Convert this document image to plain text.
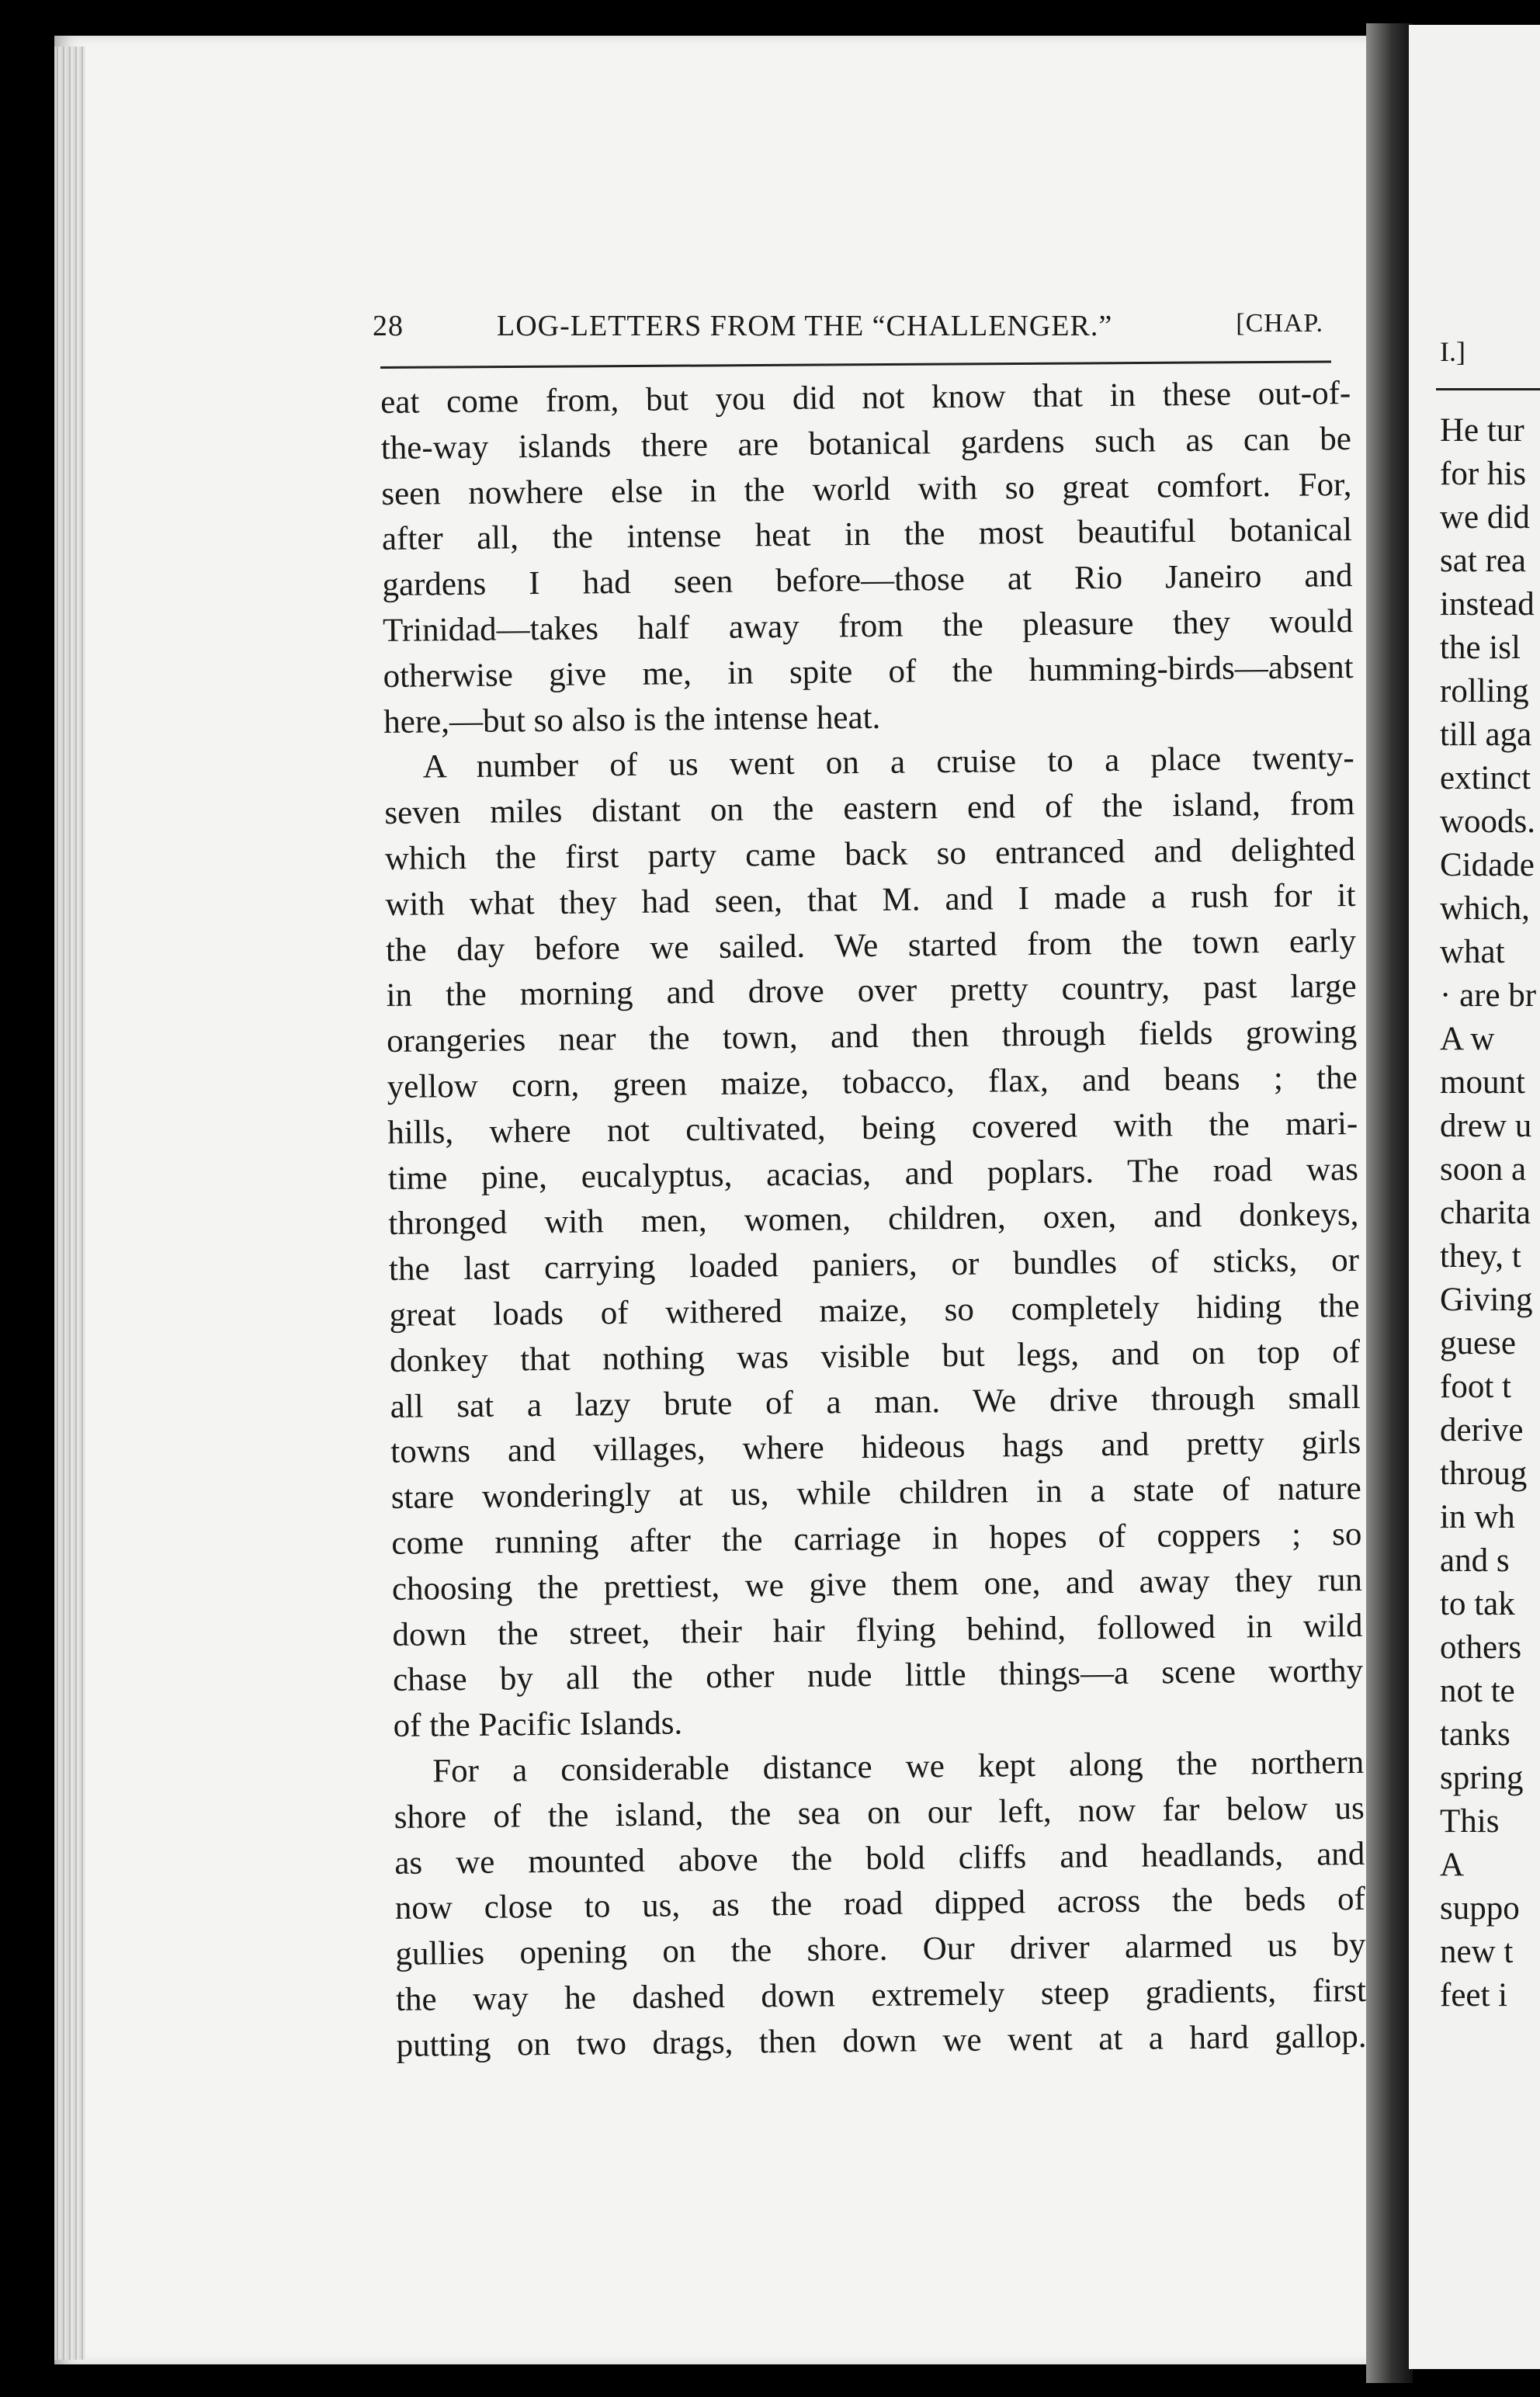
I.]
He tur
for his
we did
sat rea
instead
the isl
rolling
till aga
extinct
woods.
Cidade
which,
what
· are br
A w
mount
drew u
soon a
charita
they, t
Giving
guese
foot t
derive
throug
in wh
and s
to tak
others
not te
tanks
spring
This
A
suppo
new t
feet i
28	LOG-LETTERS FROM THE “CHALLENGER.”	[CHAP.
eat come from, but you did not know that in these out-of-
the-way islands there are botanical gardens such as can be
seen nowhere else in the world with so great comfort. For,
after all, the intense heat in the most beautiful botanical
gardens I had seen before—those at Rio Janeiro and
Trinidad—takes half away from the pleasure they would
otherwise give me, in spite of the humming-birds—absent
here,—but so also is the intense heat.
A number of us went on a cruise to a place twenty-
seven miles distant on the eastern end of the island, from
which the first party came back so entranced and delighted
with what they had seen, that M. and I made a rush for it
the day before we sailed. We started from the town early
in the morning and drove over pretty country, past large
orangeries near the town, and then through fields growing
yellow corn, green maize, tobacco, flax, and beans ; the
hills, where not cultivated, being covered with the mari-
time pine, eucalyptus, acacias, and poplars. The road was
thronged with men, women, children, oxen, and donkeys,
the last carrying loaded paniers, or bundles of sticks, or
great loads of withered maize, so completely hiding the
donkey that nothing was visible but legs, and on top of
all sat a lazy brute of a man. We drive through small
towns and villages, where hideous hags and pretty girls
stare wonderingly at us, while children in a state of nature
come running after the carriage in hopes of coppers ; so
choosing the prettiest, we give them one, and away they run
down the street, their hair flying behind, followed in wild
chase by all the other nude little things—a scene worthy
of the Pacific Islands.
For a considerable distance we kept along the northern
shore of the island, the sea on our left, now far below us
as we mounted above the bold cliffs and headlands, and
now close to us, as the road dipped across the beds of
gullies opening on the shore. Our driver alarmed us by
the way he dashed down extremely steep gradients, first
putting on two drags, then down we went at a hard gallop.
